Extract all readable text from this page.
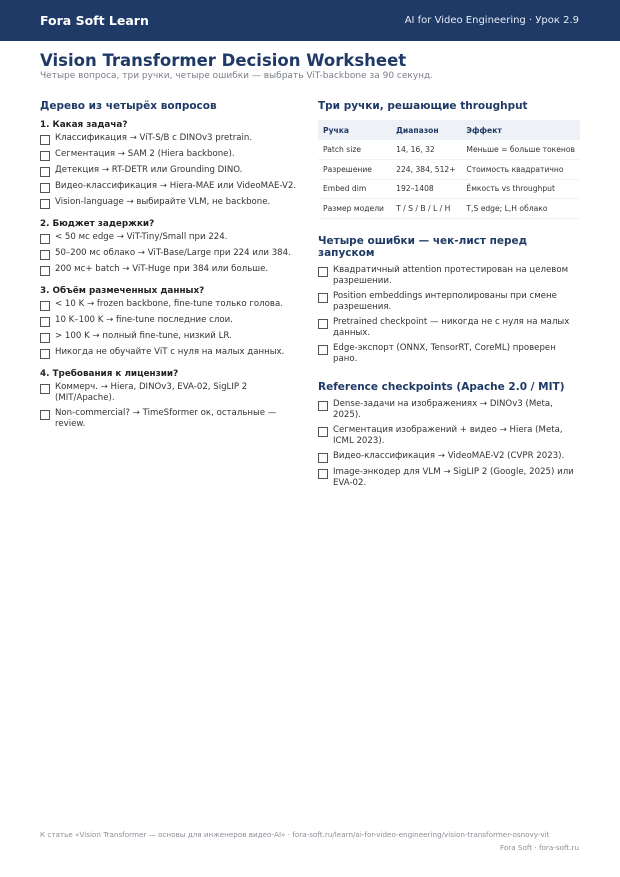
Fora Soft Learn	AI for Video Engineering · Урок 2.9
Vision Transformer Decision Worksheet
Четыре вопроса, три ручки, четыре ошибки — выбрать ViT-backbone за 90 секунд.
Дерево из четырёх вопросов
1. Какая задача?
Классификация → ViT-S/B с DINOv3 pretrain.
Сегментация → SAM 2 (Hiera backbone).
Детекция → RT-DETR или Grounding DINO.
Видео-классификация → Hiera-MAE или VideoMAE-V2.
Vision-language → выбирайте VLM, не backbone.
2. Бюджет задержки?
< 50 мс edge → ViT-Tiny/Small при 224.
50–200 мс облако → ViT-Base/Large при 224 или 384.
200 мс+ batch → ViT-Huge при 384 или больше.
3. Объём размеченных данных?
< 10 K → frozen backbone, fine-tune только голова.
10 K–100 K → fine-tune последние слои.
> 100 K → полный fine-tune, низкий LR.
Никогда не обучайте ViT с нуля на малых данных.
4. Требования к лицензии?
Коммерч. → Hiera, DINOv3, EVA-02, SigLIP 2 (MIT/Apache).
Non-commercial? → TimeSformer ок, остальные — review.
Три ручки, решающие throughput
Ручка	Диапазон	Эффект
Patch size	14, 16, 32	Меньше = больше токенов
Разрешение	224, 384, 512+	Стоимость квадратично
Embed dim	192–1408	Ёмкость vs throughput
Размер модели	T / S / B / L / H	T,S edge; L,H облако
Четыре ошибки — чек-лист перед запуском
Квадратичный attention протестирован на целевом разрешении.
Position embeddings интерполированы при смене разрешения.
Pretrained checkpoint — никогда не с нуля на малых данных.
Edge-экспорт (ONNX, TensorRT, CoreML) проверен рано.
Reference checkpoints (Apache 2.0 / MIT)
Dense-задачи на изображениях → DINOv3 (Meta, 2025).
Сегментация изображений + видео → Hiera (Meta, ICML 2023).
Видео-классификация → VideoMAE-V2 (CVPR 2023).
Image-энкодер для VLM → SigLIP 2 (Google, 2025) или EVA-02.
К статье «Vision Transformer — основы для инженеров видео-AI» · fora-soft.ru/learn/ai-for-video-engineering/vision-transformer-osnovy-vit
Fora Soft · fora-soft.ru
